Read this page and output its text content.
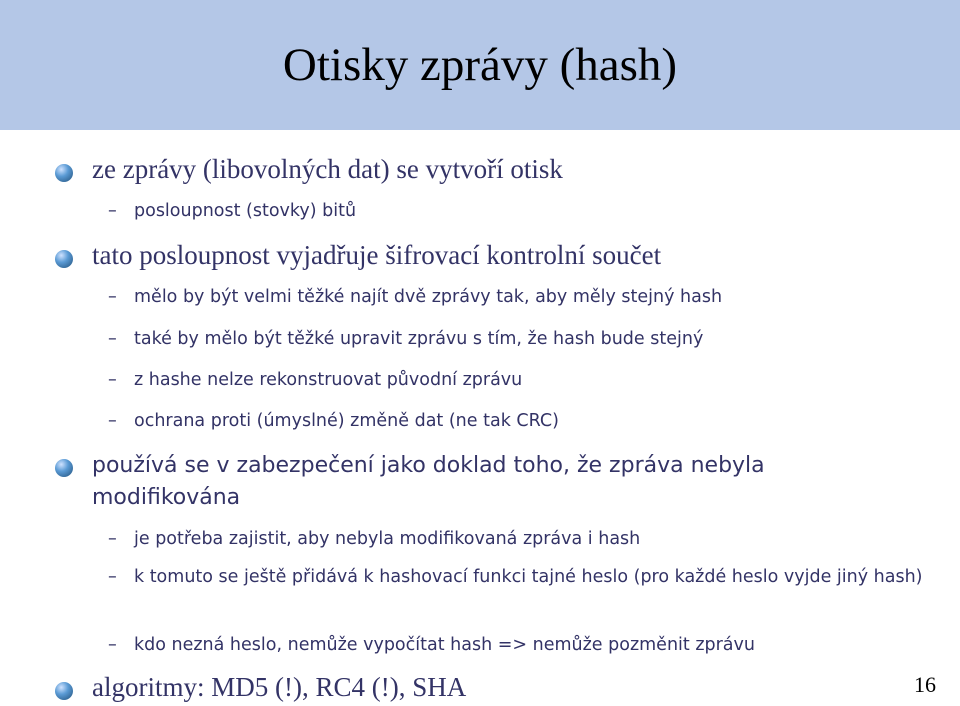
Otisky zprávy (hash)
ze zprávy (libovolných dat) se vytvoří otisk
– posloupnost (stovky) bitů
tato posloupnost vyjadřuje šifrovací kontrolní součet
– mělo by být velmi těžké najít dvě zprávy tak, aby měly stejný hash
– také by mělo být těžké upravit zprávu s tím, že hash bude stejný
– z hashe nelze rekonstruovat původní zprávu
– ochrana proti (úmyslné) změně dat (ne tak CRC)
používá se v zabezpečení jako doklad toho, že zpráva nebyla modifikována
– je potřeba zajistit, aby nebyla modifikovaná zpráva i hash
– k tomuto se ještě přidává k hashovací funkci tajné heslo (pro každé heslo vyjde jiný hash)
– kdo nezná heslo, nemůže vypočítat hash => nemůže pozměnit zprávu
algoritmy: MD5 (!), RC4 (!), SHA	16
